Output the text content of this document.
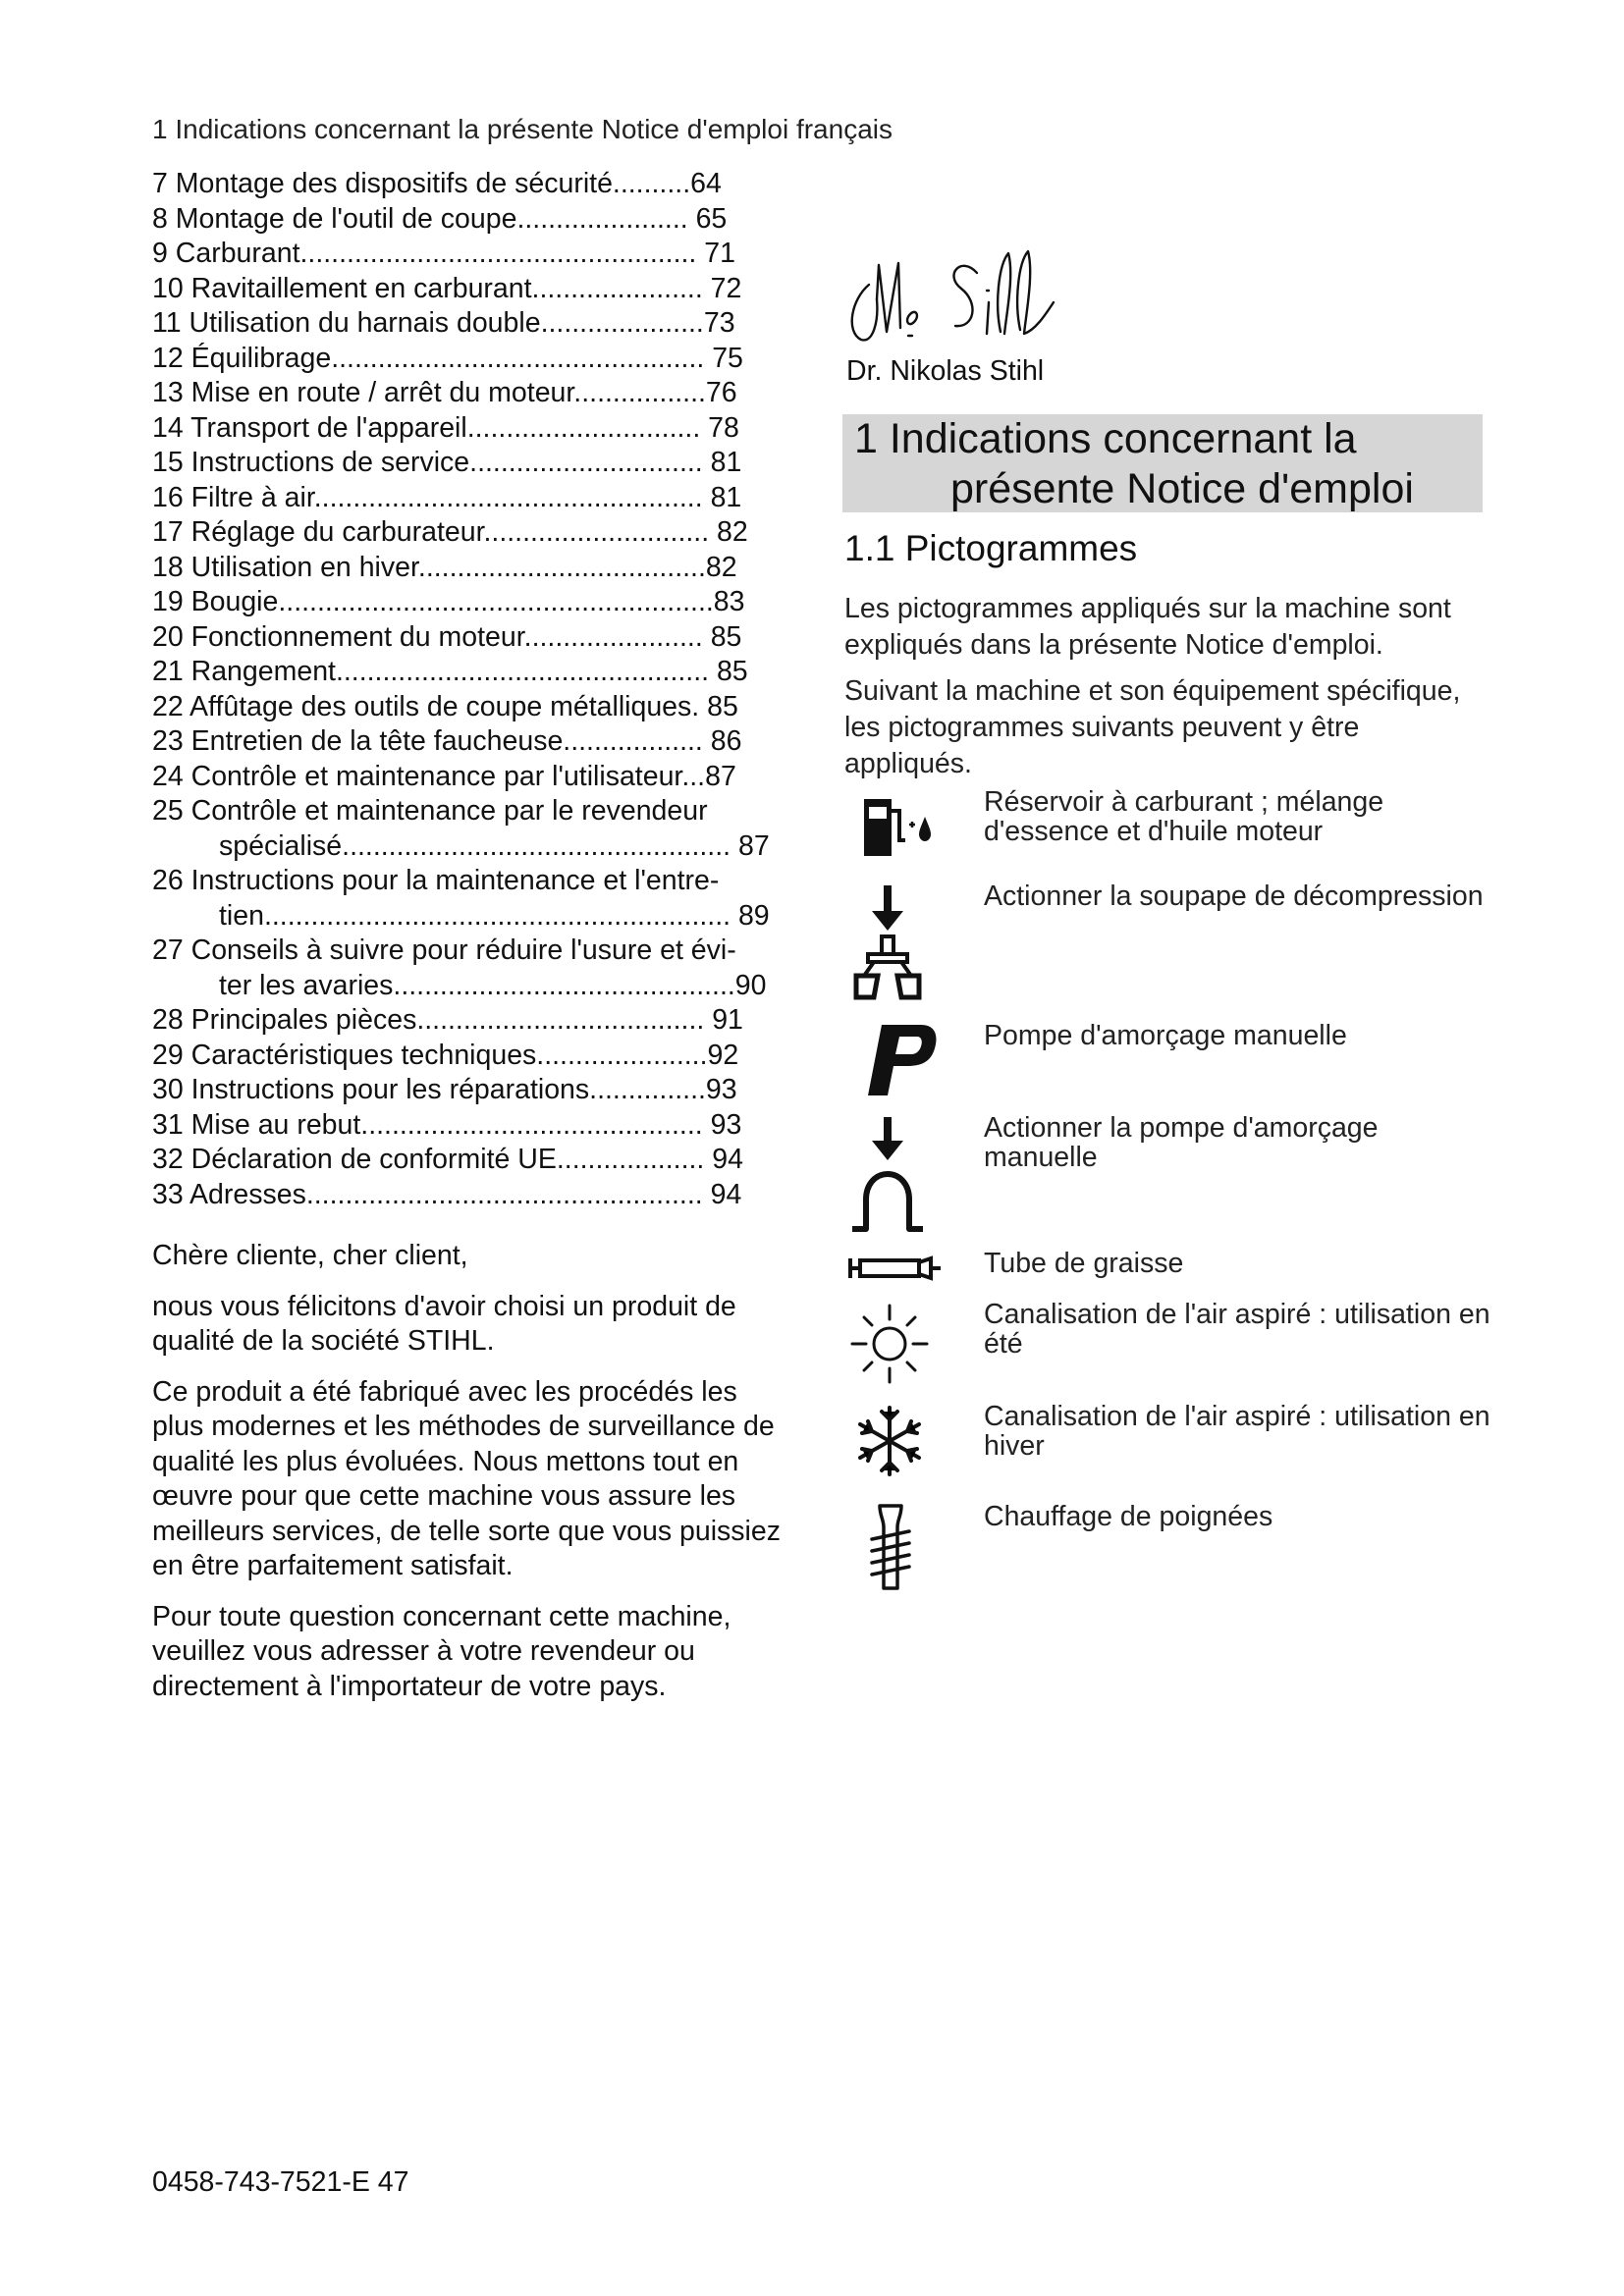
1 Indications concernant la présente Notice d'emploi français
7 Montage des dispositifs de sécurité..........64
8 Montage de l'outil de coupe...................... 65
9 Carburant................................................... 71
10 Ravitaillement en carburant...................... 72
11 Utilisation du harnais double.....................73
12 Équilibrage................................................ 75
13 Mise en route / arrêt du moteur.................76
14 Transport de l'appareil.............................. 78
15 Instructions de service.............................. 81
16 Filtre à air.................................................. 81
17 Réglage du carburateur............................. 82
18 Utilisation en hiver.....................................82
19 Bougie........................................................83
20 Fonctionnement du moteur....................... 85
21 Rangement................................................ 85
22 Affûtage des outils de coupe métalliques. 85
23 Entretien de la tête faucheuse.................. 86
24 Contrôle et maintenance par l'utilisateur...87
25 Contrôle et maintenance par le revendeur
spécialisé.................................................. 87
26 Instructions pour la maintenance et l'entre-
tien............................................................ 89
27 Conseils à suivre pour réduire l'usure et évi-
ter les avaries............................................90
28 Principales pièces..................................... 91
29 Caractéristiques techniques......................92
30 Instructions pour les réparations...............93
31 Mise au rebut............................................ 93
32 Déclaration de conformité UE................... 94
33 Adresses................................................... 94

Chère cliente, cher client,

nous vous félicitons d'avoir choisi un produit de qualité de la société STIHL.

Ce produit a été fabriqué avec les procédés les plus modernes et les méthodes de surveillance de qualité les plus évoluées. Nous mettons tout en œuvre pour que cette machine vous assure les meilleurs services, de telle sorte que vous puissiez en être parfaitement satisfait.

Pour toute question concernant cette machine, veuillez vous adresser à votre revendeur ou directement à l'importateur de votre pays.

Dr. Nikolas Stihl
1 Indications concernant la
présente Notice d'emploi
1.1 Pictogrammes
Les pictogrammes appliqués sur la machine sont expliqués dans la présente Notice d'emploi.
Suivant la machine et son équipement spécifique, les pictogrammes suivants peuvent y être appliqués.
Réservoir à carburant ; mélange d'essence et d'huile moteur
Actionner la soupape de décompression
Pompe d'amorçage manuelle
Actionner la pompe d'amorçage manuelle
Tube de graisse
Canalisation de l'air aspiré : utilisation en été
Canalisation de l'air aspiré : utilisation en hiver
Chauffage de poignées
0458-743-7521-E 47
